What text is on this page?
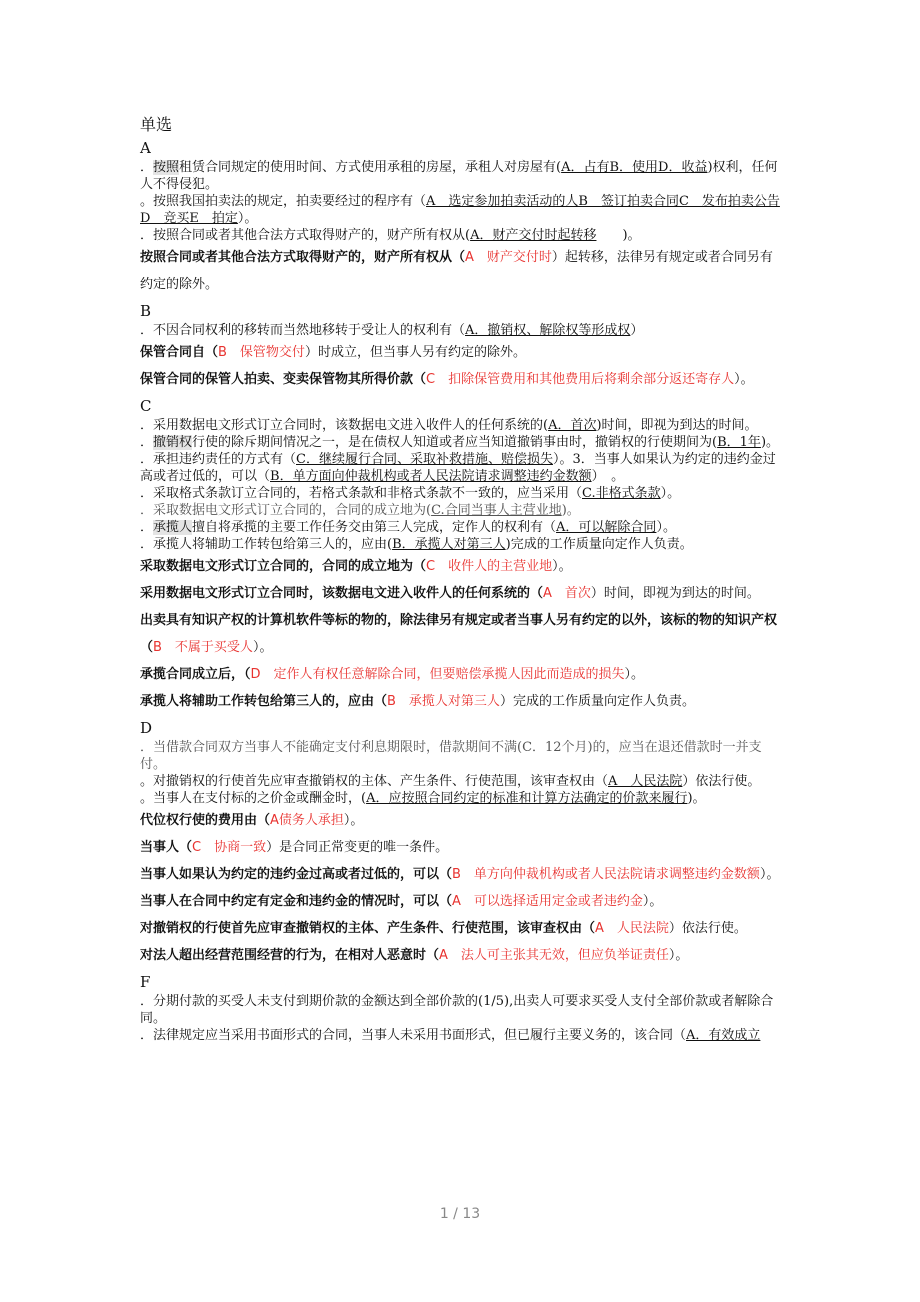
单选
A

．按照租赁合同规定的使用时间、方式使用承租的房屋，承租人对房屋有(A．占有B．使用D．收益)权利，任何人不得侵犯。

。按照我国拍卖法的规定，拍卖要经过的程序有（A　选定参加拍卖活动的人B　签订拍卖合同C　发布拍卖公告D　竞买E　拍定）。

．按照合同或者其他合法方式取得财产的，财产所有权从(A．财产交付时起转移　　)。

按照合同或者其他合法方式取得财产的，财产所有权从（A　财产交付时）起转移，法律另有规定或者合同另有约定的除外。

B

．不因合同权利的移转而当然地移转于受让人的权利有（A．撤销权、解除权等形成权）

保管合同自（B　保管物交付）时成立，但当事人另有约定的除外。

保管合同的保管人拍卖、变卖保管物其所得价款（C　扣除保管费用和其他费用后将剩余部分返还寄存人）。

C

．采用数据电文形式订立合同时，该数据电文进入收件人的任何系统的(A．首次)时间，即视为到达的时间。

．撤销权行使的除斥期间情况之一，是在债权人知道或者应当知道撤销事由时，撤销权的行使期间为(B．1年)。

．承担违约责任的方式有（C．继续履行合同、采取补救措施、赔偿损失）。3．当事人如果认为约定的违约金过高或者过低的，可以（B．单方面向仲裁机构或者人民法院请求调整违约金数额）　。

．采取格式条款订立合同的，若格式条款和非格式条款不一致的，应当采用（C.非格式条款）。

．采取数据电文形式订立合同的，合同的成立地为(C.合同当事人主营业地)。

．承揽人擅自将承揽的主要工作任务交由第三人完成，定作人的权利有（A．可以解除合同）。

．承揽人将辅助工作转包给第三人的，应由(B．承揽人对第三人)完成的工作质量向定作人负责。

采取数据电文形式订立合同的，合同的成立地为（C　收件人的主营业地）。

采用数据电文形式订立合同时，该数据电文进入收件人的任何系统的（A　首次）时间，即视为到达的时间。

出卖具有知识产权的计算机软件等标的物的，除法律另有规定或者当事人另有约定的以外，该标的物的知识产权（B　不属于买受人）。

承揽合同成立后，（D　定作人有权任意解除合同，但要赔偿承揽人因此而造成的损失）。

承揽人将辅助工作转包给第三人的，应由（B　承揽人对第三人）完成的工作质量向定作人负责。

D

．当借款合同双方当事人不能确定支付利息期限时，借款期间不满(C．12个月)的，应当在退还借款时一并支付。

。对撤销权的行使首先应审查撤销权的主体、产生条件、行使范围，该审查权由（A　人民法院）依法行使。

。当事人在支付标的之价金或酬金时，(A．应按照合同约定的标准和计算方法确定的价款来履行)。

代位权行使的费用由（A债务人承担）。

当事人（C　协商一致）是合同正常变更的唯一条件。

当事人如果认为约定的违约金过高或者过低的，可以（B　单方向仲裁机构或者人民法院请求调整违约金数额）。

当事人在合同中约定有定金和违约金的情况时，可以（A　可以选择适用定金或者违约金）。

对撤销权的行使首先应审查撤销权的主体、产生条件、行使范围，该审查权由（A　人民法院）依法行使。

对法人超出经营范围经营的行为，在相对人恶意时（A　法人可主张其无效，但应负举证责任）。

F

．分期付款的买受人未支付到期价款的金额达到全部价款的(1/5),出卖人可要求买受人支付全部价款或者解除合同。

．法律规定应当采用书面形式的合同，当事人未采用书面形式，但已履行主要义务的，该合同（A．有效成立

1 / 13
